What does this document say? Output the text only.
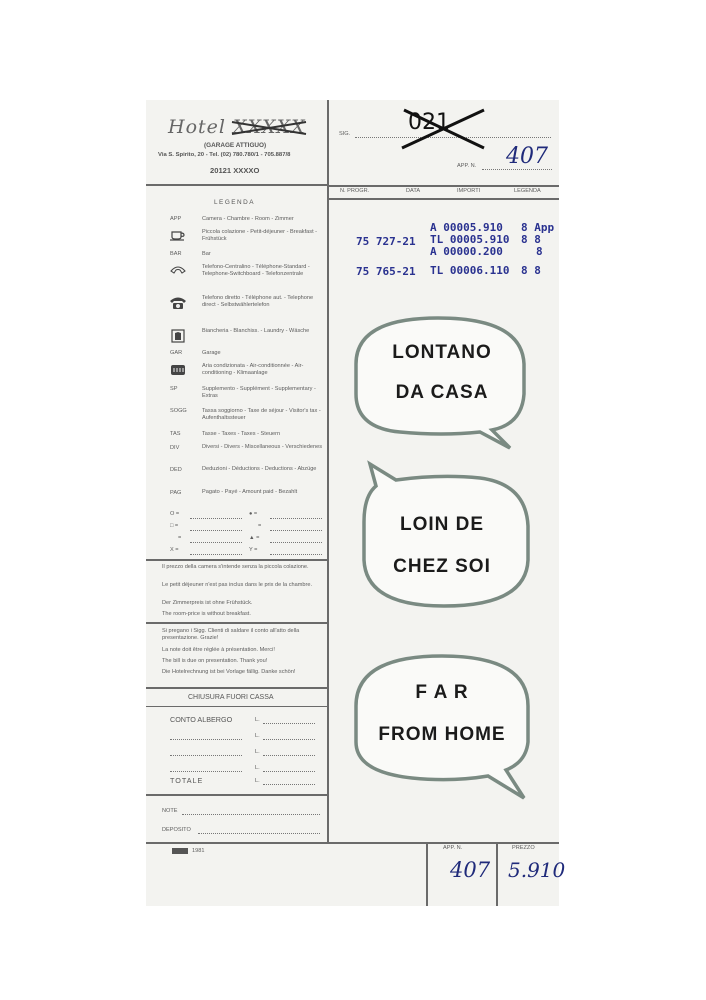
Hotel XXXXX
(GARAGE ATTIGUO)
Via S. Spirito, 20 - Tel. (02) 780.780/1 - 705.887/8
20121 XXXXO
SIG.	021
APP. N. 407
N. PROGR.	DATA	IMPORTI	LEGENDA
A 00005.910 8 App
75 727-21 TL 00005.910 8 8
A 00000.200	8
75 765-21 TL 00006.110 8 8
LEGENDA
APP	Camera - Chambre - Room - Zimmer
Piccola colazione - Petit-déjeuner - Breakfast - Frühstück
BAR	Bar
Telefono-Centralino - Téléphone-Standard - Telephone-Switchboard - Telefonzentrale
Telefono diretto - Téléphone aut. - Telephone direct - Selbstwählertelefon
Biancheria - Blanchiss. - Laundry - Wäsche
GAR	Garage
Aria condizionata - Air-conditionnée - Air-conditioning - Klimaanlage
SP	Supplemento - Supplément - Supplementary - Extras
SOGG	Tassa soggiorno - Taxe de séjour - Visitor's tax - Aufenthaltssteuer
TAS	Tasse - Taxes - Taxes - Steuern
DIV	Diversi - Divers - Miscellaneous - Verschiedenes
DED	Deduzioni - Déductions - Deductions - Abzüge
PAG	Pagato - Payé - Amount paid - Bezahlt
O =	● =
□ =	=
=	▲ =
X =	Y =
Il prezzo della camera s'intende senza la piccola colazione.
Le petit déjeuner n'est pas inclus dans le prix de la chambre.
Der Zimmerpreis ist ohne Frühstück.
The room-price is without breakfast.
Si pregano i Sigg. Clienti di saldare il conto all'atto della presentazione. Grazie!
La note doit être réglée à présentation. Merci!
The bill is due on presentation. Thank you!
Die Hotelrechnung ist bei Vorlage fällig. Danke schön!
CHIUSURA FUORI CASSA
CONTO ALBERGO	L.
L.
L.
L.
TOTALE	L.
NOTE
DEPOSITO
1981	APP. N.	PREZZO
407 5.910
LONTANO
DA CASA
LOIN DE
CHEZ SOI
F A R
FROM HOME
